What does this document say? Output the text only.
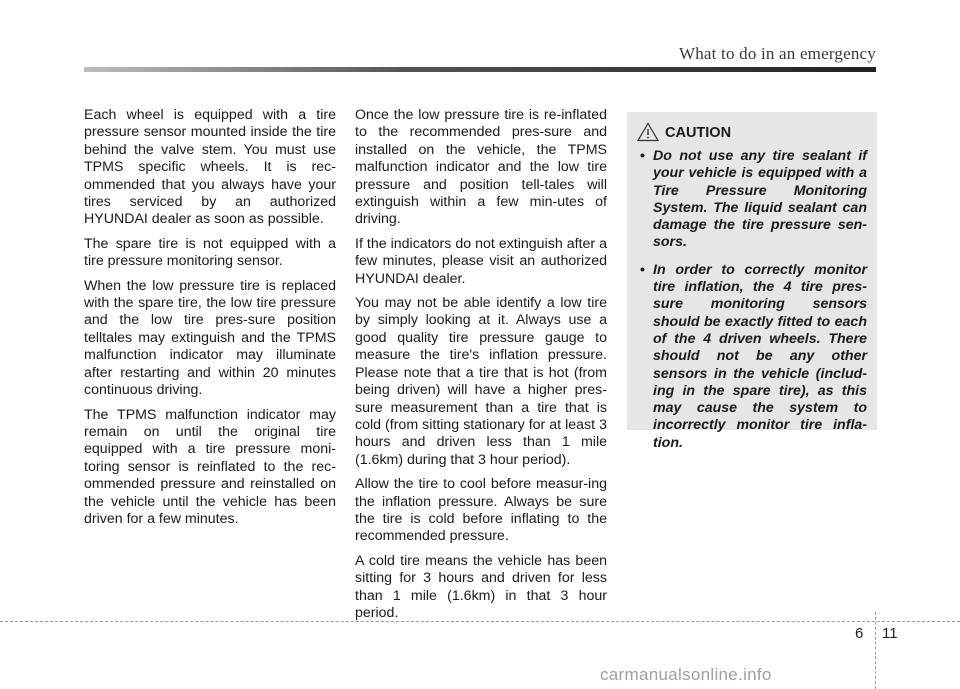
What to do in an emergency

Each wheel is equipped with a tire pressure sensor mounted inside the tire behind the valve stem. You must use TPMS specific wheels. It is rec-ommended that you always have your tires serviced by an authorized HYUNDAI dealer as soon as possible.

The spare tire is not equipped with a tire pressure monitoring sensor.

When the low pressure tire is replaced with the spare tire, the low tire pressure and the low tire pres-sure position telltales may extinguish and the TPMS malfunction indicator may illuminate after restarting and within 20 minutes continuous driving.

The TPMS malfunction indicator may remain on until the original tire equipped with a tire pressure moni-toring sensor is reinflated to the rec-ommended pressure and reinstalled on the vehicle until the vehicle has been driven for a few minutes.

Once the low pressure tire is re-inflated to the recommended pres-sure and installed on the vehicle, the TPMS malfunction indicator and the low tire pressure and position tell-tales will extinguish within a few min-utes of driving.

If the indicators do not extinguish after a few minutes, please visit an authorized HYUNDAI dealer.

You may not be able identify a low tire by simply looking at it. Always use a good quality tire pressure gauge to measure the tire's inflation pressure. Please note that a tire that is hot (from being driven) will have a higher pres-sure measurement than a tire that is cold (from sitting stationary for at least 3 hours and driven less than 1 mile (1.6km) during that 3 hour period).

Allow the tire to cool before measur-ing the inflation pressure. Always be sure the tire is cold before inflating to the recommended pressure.

A cold tire means the vehicle has been sitting for 3 hours and driven for less than 1 mile (1.6km) in that 3 hour period.

CAUTION
• Do not use any tire sealant if your vehicle is equipped with a Tire Pressure Monitoring System. The liquid sealant can damage the tire pressure sen-sors.
• In order to correctly monitor tire inflation, the 4 tire pres-sure monitoring sensors should be exactly fitted to each of the 4 driven wheels. There should not be any other sensors in the vehicle (includ-ing in the spare tire), as this may cause the system to incorrectly monitor tire infla-tion.
6 11
carmanualsonline.info
